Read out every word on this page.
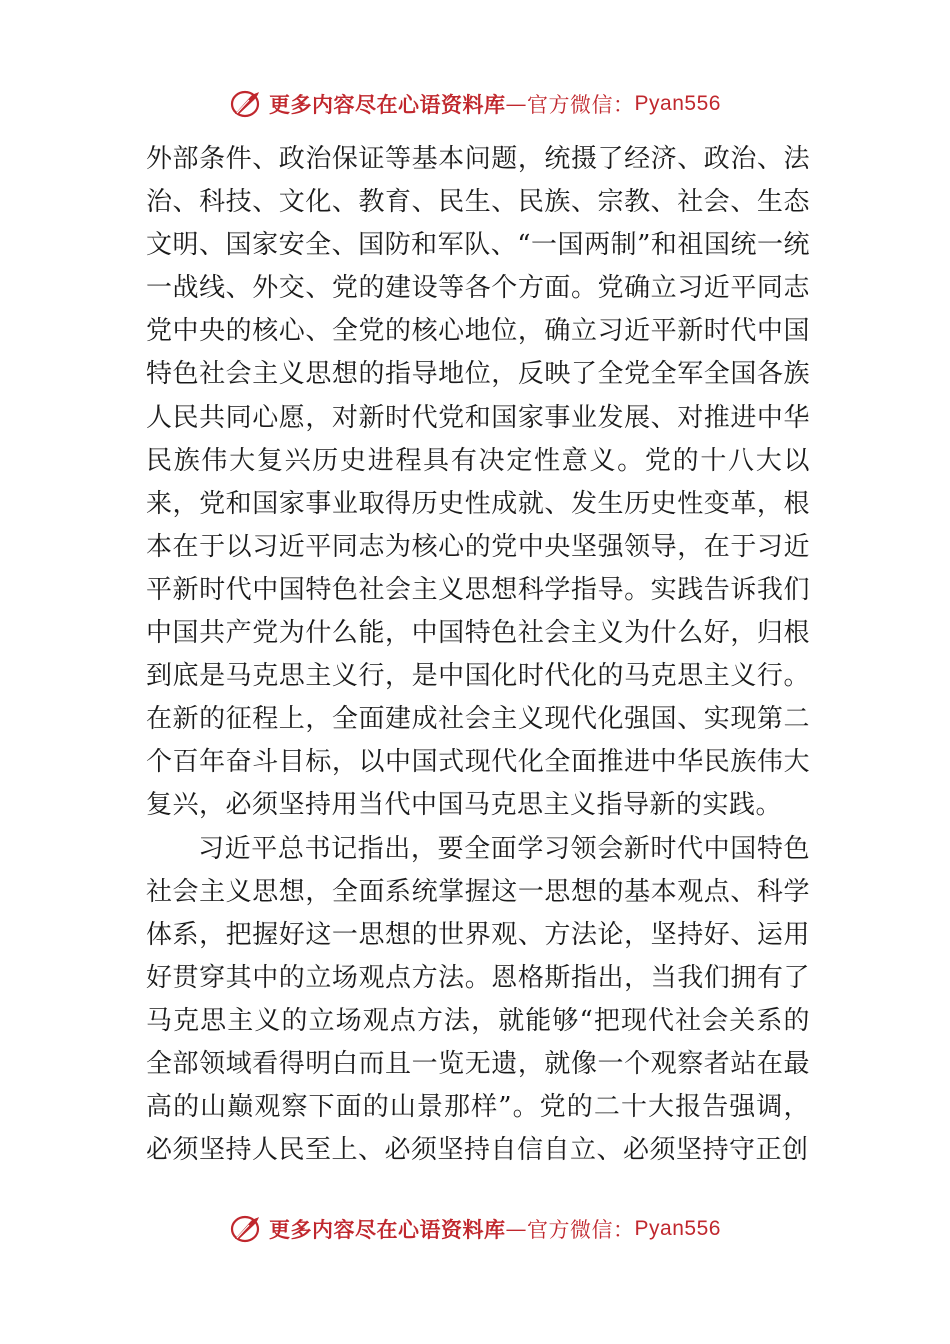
更多内容尽在心语资料库 — 官方微信： Pyan556

外部条件、政治保证等基本问题，统摄了经济、政治、法治、科技、文化、教育、民生、民族、宗教、社会、生态文明、国家安全、国防和军队、“一国两制”和祖国统一统一战线、外交、党的建设等各个方面。党确立习近平同志党中央的核心、全党的核心地位，确立习近平新时代中国特色社会主义思想的指导地位，反映了全党全军全国各族人民共同心愿，对新时代党和国家事业发展、对推进中华民族伟大复兴历史进程具有决定性意义。党的十八大以来，党和国家事业取得历史性成就、发生历史性变革，根本在于以习近平同志为核心的党中央坚强领导，在于习近平新时代中国特色社会主义思想科学指导。实践告诉我们中国共产党为什么能，中国特色社会主义为什么好，归根到底是马克思主义行，是中国化时代化的马克思主义行。在新的征程上，全面建成社会主义现代化强国、实现第二个百年奋斗目标，以中国式现代化全面推进中华民族伟大复兴，必须坚持用当代中国马克思主义指导新的实践。

习近平总书记指出，要全面学习领会新时代中国特色社会主义思想，全面系统掌握这一思想的基本观点、科学体系，把握好这一思想的世界观、方法论，坚持好、运用好贯穿其中的立场观点方法。恩格斯指出，当我们拥有了马克思主义的立场观点方法，就能够“把现代社会关系的全部领域看得明白而且一览无遗，就像一个观察者站在最高的山巅观察下面的山景那样”。党的二十大报告强调，必须坚持人民至上、必须坚持自信自立、必须坚持守正创

更多内容尽在心语资料库 — 官方微信： Pyan556
